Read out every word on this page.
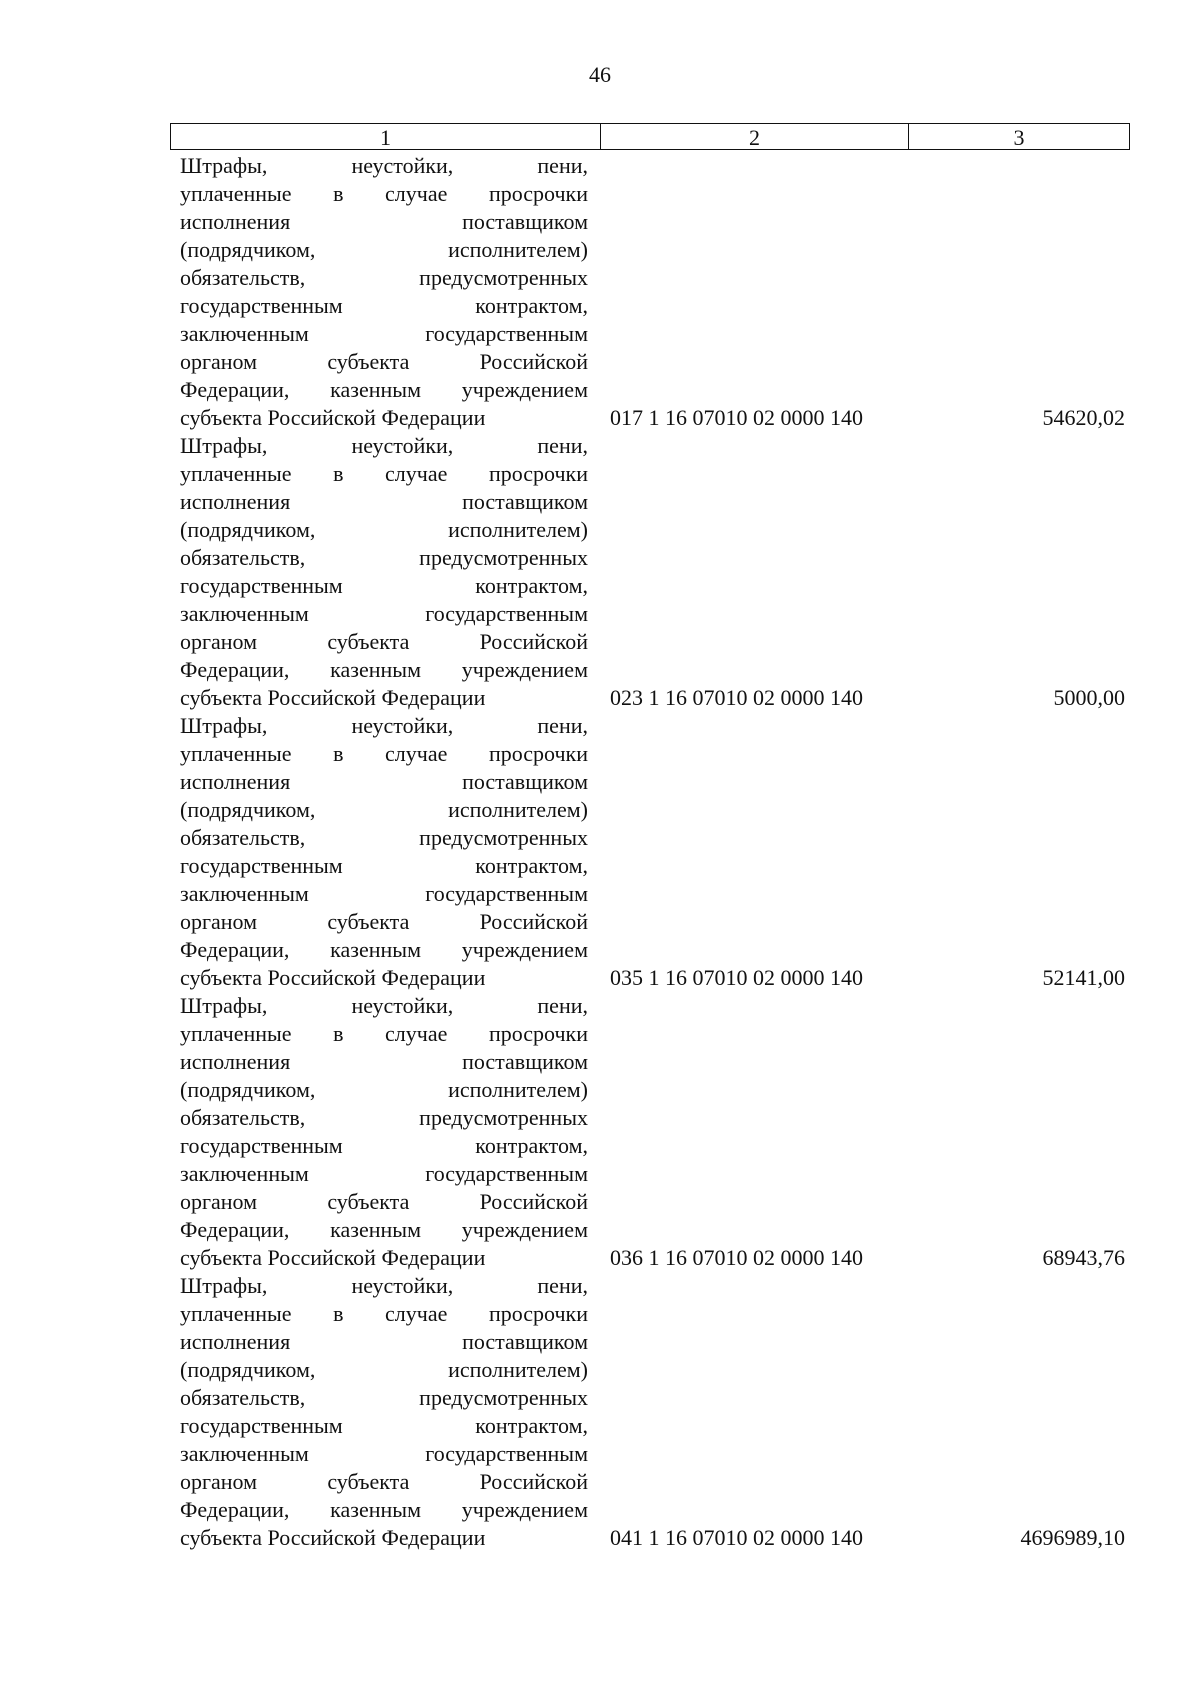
46
1	2	3
Штрафы,	неустойки,	пени,
уплаченные в случае просрочки
исполнения	поставщиком
(подрядчиком,	исполнителем)
обязательств,	предусмотренных
государственным	контрактом,
заключенным	государственным
органом	субъекта	Российской
Федерации, казенным учреждением
субъекта Российской Федерации	017 1 16 07010 02 0000 140	54620,02
Штрафы,	неустойки,	пени,
уплаченные в случае просрочки
исполнения	поставщиком
(подрядчиком,	исполнителем)
обязательств,	предусмотренных
государственным	контрактом,
заключенным	государственным
органом	субъекта	Российской
Федерации, казенным учреждением
субъекта Российской Федерации	023 1 16 07010 02 0000 140	5000,00
Штрафы,	неустойки,	пени,
уплаченные в случае просрочки
исполнения	поставщиком
(подрядчиком,	исполнителем)
обязательств,	предусмотренных
государственным	контрактом,
заключенным	государственным
органом	субъекта	Российской
Федерации, казенным учреждением
субъекта Российской Федерации	035 1 16 07010 02 0000 140	52141,00
Штрафы,	неустойки,	пени,
уплаченные в случае просрочки
исполнения	поставщиком
(подрядчиком,	исполнителем)
обязательств,	предусмотренных
государственным	контрактом,
заключенным	государственным
органом	субъекта	Российской
Федерации, казенным учреждением
субъекта Российской Федерации	036 1 16 07010 02 0000 140	68943,76
Штрафы,	неустойки,	пени,
уплаченные в случае просрочки
исполнения	поставщиком
(подрядчиком,	исполнителем)
обязательств,	предусмотренных
государственным	контрактом,
заключенным	государственным
органом	субъекта	Российской
Федерации, казенным учреждением
субъекта Российской Федерации	041 1 16 07010 02 0000 140	4696989,10
